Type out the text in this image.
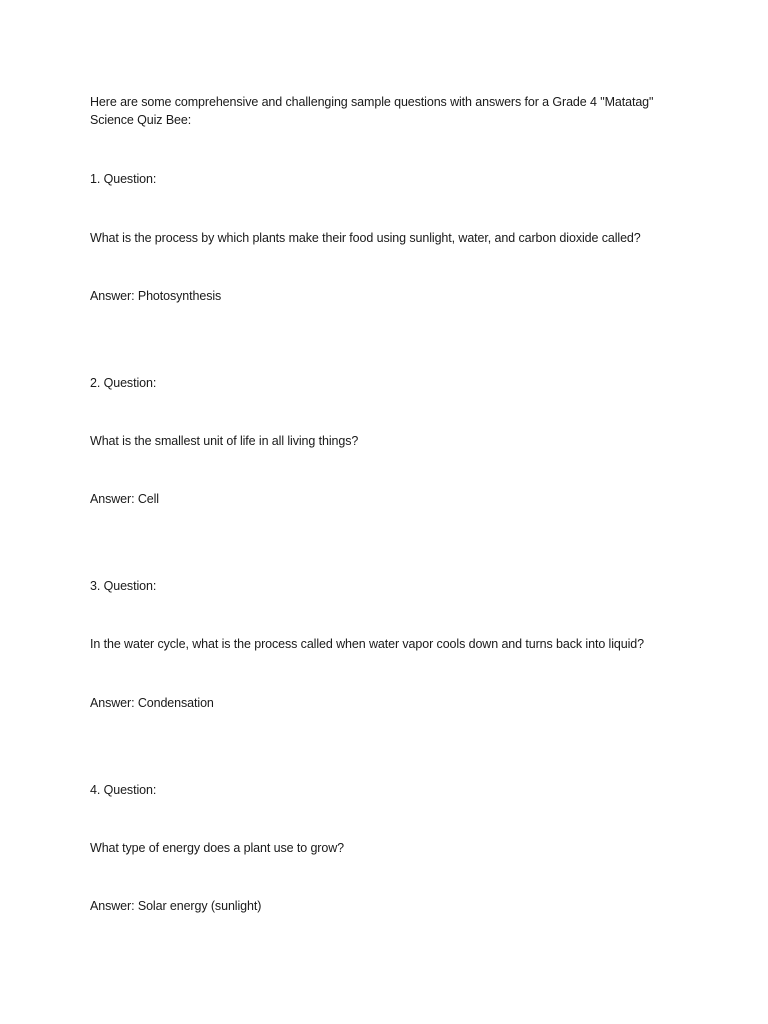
Here are some comprehensive and challenging sample questions with answers for a Grade 4 "Matatag"

Science Quiz Bee:

1. Question:

What is the process by which plants make their food using sunlight, water, and carbon dioxide called?

Answer: Photosynthesis

2. Question:

What is the smallest unit of life in all living things?

Answer: Cell

3. Question:

In the water cycle, what is the process called when water vapor cools down and turns back into liquid?

Answer: Condensation

4. Question:

What type of energy does a plant use to grow?

Answer: Solar energy (sunlight)
